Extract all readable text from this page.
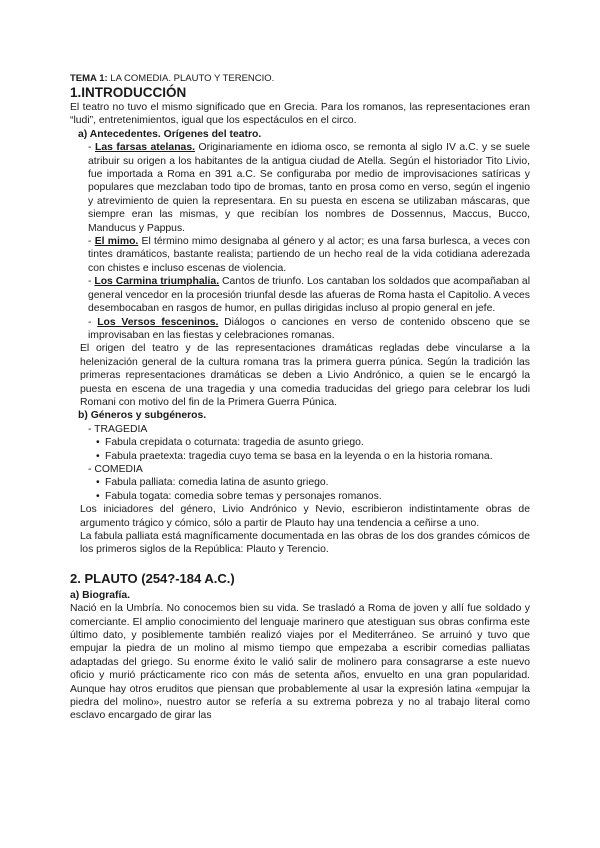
TEMA 1: LA COMEDIA. PLAUTO Y TERENCIO.
1.INTRODUCCIÓN

El teatro no tuvo el mismo significado que en Grecia. Para los romanos, las representaciones eran “ludi”, entretenimientos, igual que los espectáculos en el circo.

a) Antecedentes. Orígenes del teatro.

- Las farsas atelanas. Originariamente en idioma osco, se remonta al siglo IV a.C. y se suele atribuir su origen a los habitantes de la antigua ciudad de Atella. Según el historiador Tito Livio, fue importada a Roma en 391 a.C. Se configuraba por medio de improvisaciones satíricas y populares que mezclaban todo tipo de bromas, tanto en prosa como en verso, según el ingenio y atrevimiento de quien la representara. En su puesta en escena se utilizaban máscaras, que siempre eran las mismas, y que recibían los nombres de Dossennus, Maccus, Bucco, Manducus y Pappus.

- El mimo. El término mimo designaba al género y al actor; es una farsa burlesca, a veces con tintes dramáticos, bastante realista; partiendo de un hecho real de la vida cotidiana aderezada con chistes e incluso escenas de violencia.

- Los Carmina triumphalia. Cantos de triunfo. Los cantaban los soldados que acompañaban al general vencedor en la procesión triunfal desde las afueras de Roma hasta el Capitolio. A veces desembocaban en rasgos de humor, en pullas dirigidas incluso al propio general en jefe.

- Los Versos fesceninos. Diálogos o canciones en verso de contenido obsceno que se improvisaban en las fiestas y celebraciones romanas.

El origen del teatro y de las representaciones dramáticas regladas debe vincularse a la helenización general de la cultura romana tras la primera guerra púnica. Según la tradición las primeras representaciones dramáticas se deben a Livio Andrónico, a quien se le encargó la puesta en escena de una tragedia y una comedia traducidas del griego para celebrar los ludi Romani con motivo del fin de la Primera Guerra Púnica.

b) Géneros y subgéneros.
- TRAGEDIA
• Fabula crepidata o coturnata: tragedia de asunto griego.
• Fabula praetexta: tragedia cuyo tema se basa en la leyenda o en la historia romana.
- COMEDIA
• Fabula palliata: comedia latina de asunto griego.
• Fabula togata: comedia sobre temas y personajes romanos.

Los iniciadores del género, Livio Andrónico y Nevio, escribieron indistintamente obras de argumento trágico y cómico, sólo a partir de Plauto hay una tendencia a ceñirse a uno.

La fabula palliata está magníficamente documentada en las obras de los dos grandes cómicos de los primeros siglos de la República: Plauto y Terencio.

2. PLAUTO (254?-184 A.C.)
a) Biografía.

Nació en la Umbría. No conocemos bien su vida. Se trasladó a Roma de joven y allí fue soldado y comerciante. El amplio conocimiento del lenguaje marinero que atestiguan sus obras confirma este último dato, y posiblemente también realizó viajes por el Mediterráneo. Se arruinó y tuvo que empujar la piedra de un molino al mismo tiempo que empezaba a escribir comedias palliatas adaptadas del griego. Su enorme éxito le valió salir de molinero para consagrarse a este nuevo oficio y murió prácticamente rico con más de setenta años, envuelto en una gran popularidad. Aunque hay otros eruditos que piensan que probablemente al usar la expresión latina «empujar la piedra del molino», nuestro autor se refería a su extrema pobreza y no al trabajo literal como esclavo encargado de girar las
